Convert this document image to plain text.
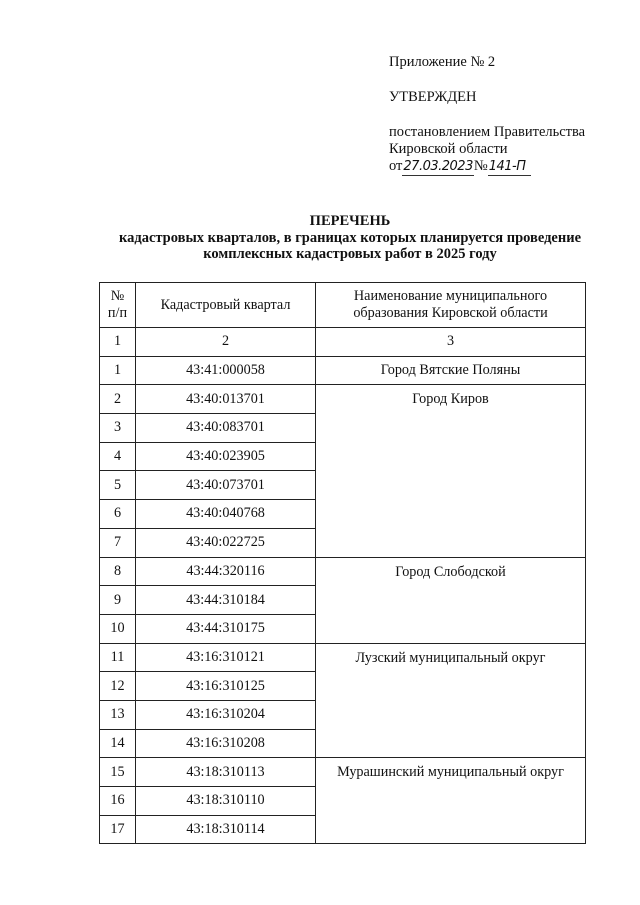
Приложение № 2
УТВЕРЖДЕН
постановлением Правительства
Кировской области
от27.03.2023№141-П
ПЕРЕЧЕНЬ
кадастровых кварталов, в границах которых планируется проведение
комплексных кадастровых работ в 2025 году
№
п/п	Кадастровый квартал	Наименование муниципального
образования Кировской области
1	2	3
1	43:41:000058	Город Вятские Поляны
2	43:40:013701	Город Киров
3	43:40:083701	
4	43:40:023905	
5	43:40:073701	
6	43:40:040768	
7	43:40:022725	
8	43:44:320116	Город Слободской
9	43:44:310184	
10	43:44:310175	
11	43:16:310121	Лузский муниципальный округ
12	43:16:310125	
13	43:16:310204	
14	43:16:310208	
15	43:18:310113	Мурашинский муниципальный округ
16	43:18:310110	
17	43:18:310114	
